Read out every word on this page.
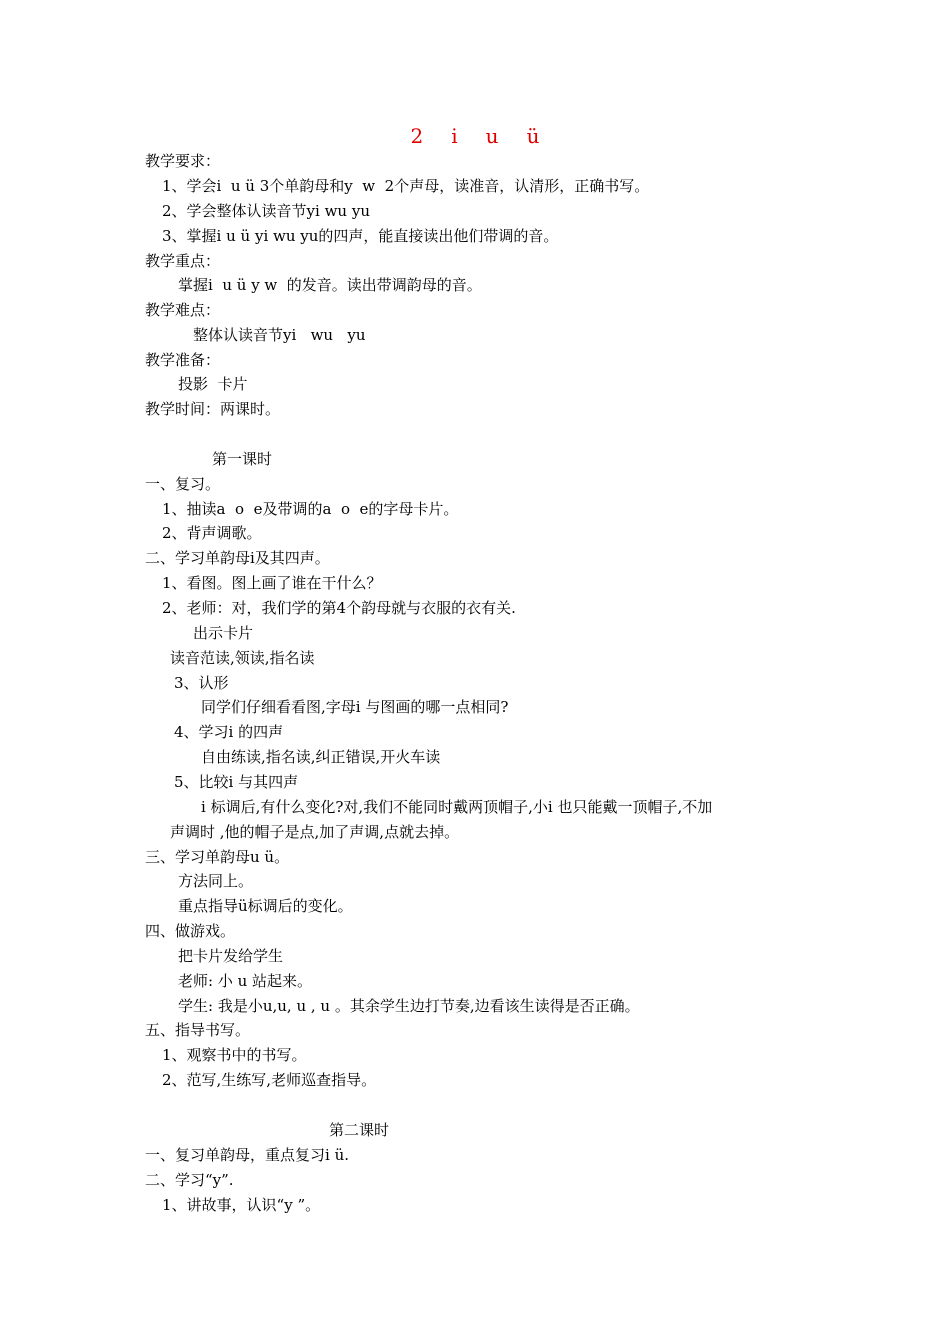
2 i u ü
教学要求：
1、学会i  u ü 3个单韵母和y  w  2个声母，读准音，认清形，正确书写。
2、学会整体认读音节yi wu yu
3、掌握i u ü yi wu yu的四声，能直接读出他们带调的音。
教学重点：
掌握i  u ü y w  的发音。读出带调韵母的音。
教学难点：
整体认读音节yi   wu   yu
教学准备：
投影  卡片
教学时间：两课时。
第一课时
一、复习。
1、抽读a  o  e及带调的a  o  e的字母卡片。
2、背声调歌。
二、学习单韵母i及其四声。
1、看图。图上画了谁在干什么？
2、老师：对，我们学的第4个韵母就与衣服的衣有关.
出示卡片
读音范读,领读,指名读
3、认形
同学们仔细看看图,字母i 与图画的哪一点相同?
4、学习i 的四声
自由练读,指名读,纠正错误,开火车读
5、比较i 与其四声
i 标调后,有什么变化?对,我们不能同时戴两顶帽子,小i 也只能戴一顶帽子,不加
声调时 ,他的帽子是点,加了声调,点就去掉。
三、学习单韵母u ü。
方法同上。
重点指导ü标调后的变化。
四、做游戏。
把卡片发给学生
老师: 小 u 站起来。
学生: 我是小u,u, u , u 。其余学生边打节奏,边看该生读得是否正确。
五、指导书写。
1、观察书中的书写。
2、范写,生练写,老师巡查指导。
第二课时
一、复习单韵母，重点复习i ü.
二、学习“y”.
1、讲故事，认识“y ”。
